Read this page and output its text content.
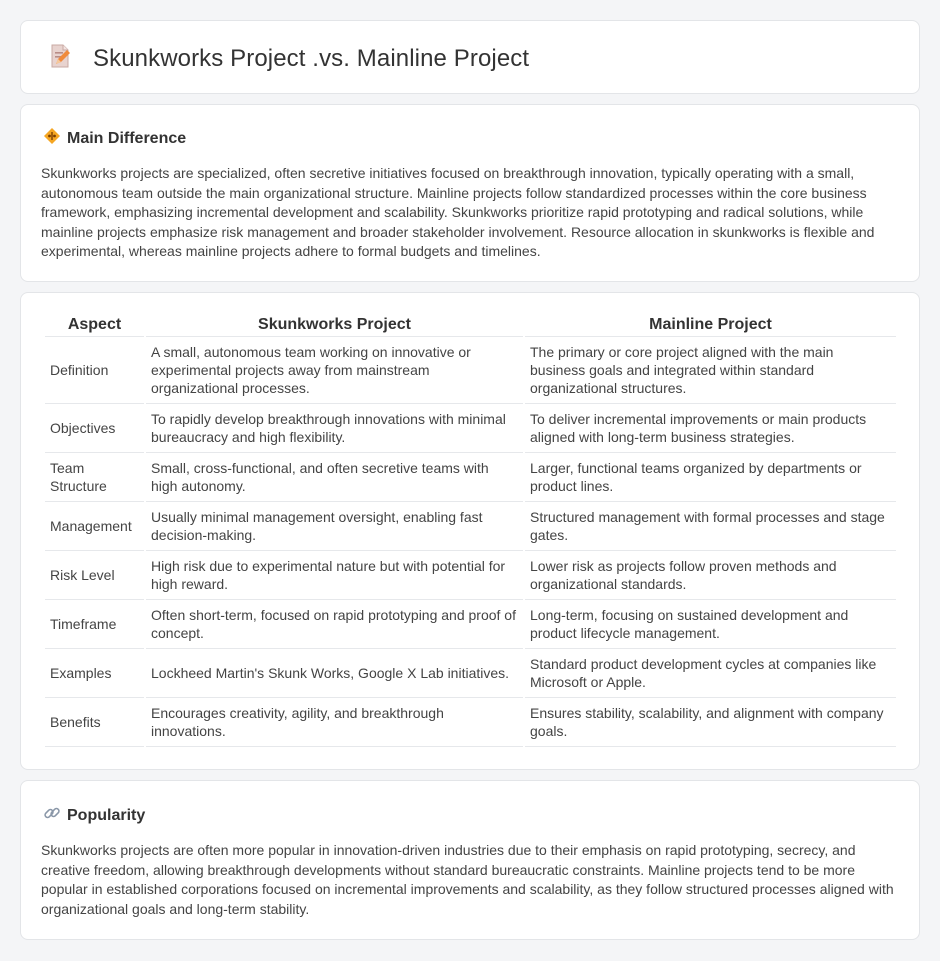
Skunkworks Project .vs. Mainline Project
Main Difference

Skunkworks projects are specialized, often secretive initiatives focused on breakthrough innovation, typically operating with a small, autonomous team outside the main organizational structure. Mainline projects follow standardized processes within the core business framework, emphasizing incremental development and scalability. Skunkworks prioritize rapid prototyping and radical solutions, while mainline projects emphasize risk management and broader stakeholder involvement. Resource allocation in skunkworks is flexible and experimental, whereas mainline projects adhere to formal budgets and timelines.

Aspect	Skunkworks Project	Mainline Project
Definition	A small, autonomous team working on innovative or experimental projects away from mainstream organizational processes.	The primary or core project aligned with the main business goals and integrated within standard organizational structures.
Objectives	To rapidly develop breakthrough innovations with minimal bureaucracy and high flexibility.	To deliver incremental improvements or main products aligned with long-term business strategies.
Team Structure	Small, cross-functional, and often secretive teams with high autonomy.	Larger, functional teams organized by departments or product lines.
Management	Usually minimal management oversight, enabling fast decision-making.	Structured management with formal processes and stage gates.
Risk Level	High risk due to experimental nature but with potential for high reward.	Lower risk as projects follow proven methods and organizational standards.
Timeframe	Often short-term, focused on rapid prototyping and proof of concept.	Long-term, focusing on sustained development and product lifecycle management.
Examples	Lockheed Martin's Skunk Works, Google X Lab initiatives.	Standard product development cycles at companies like Microsoft or Apple.
Benefits	Encourages creativity, agility, and breakthrough innovations.	Ensures stability, scalability, and alignment with company goals.
Popularity

Skunkworks projects are often more popular in innovation-driven industries due to their emphasis on rapid prototyping, secrecy, and creative freedom, allowing breakthrough developments without standard bureaucratic constraints. Mainline projects tend to be more popular in established corporations focused on incremental improvements and scalability, as they follow structured processes aligned with organizational goals and long-term stability.
